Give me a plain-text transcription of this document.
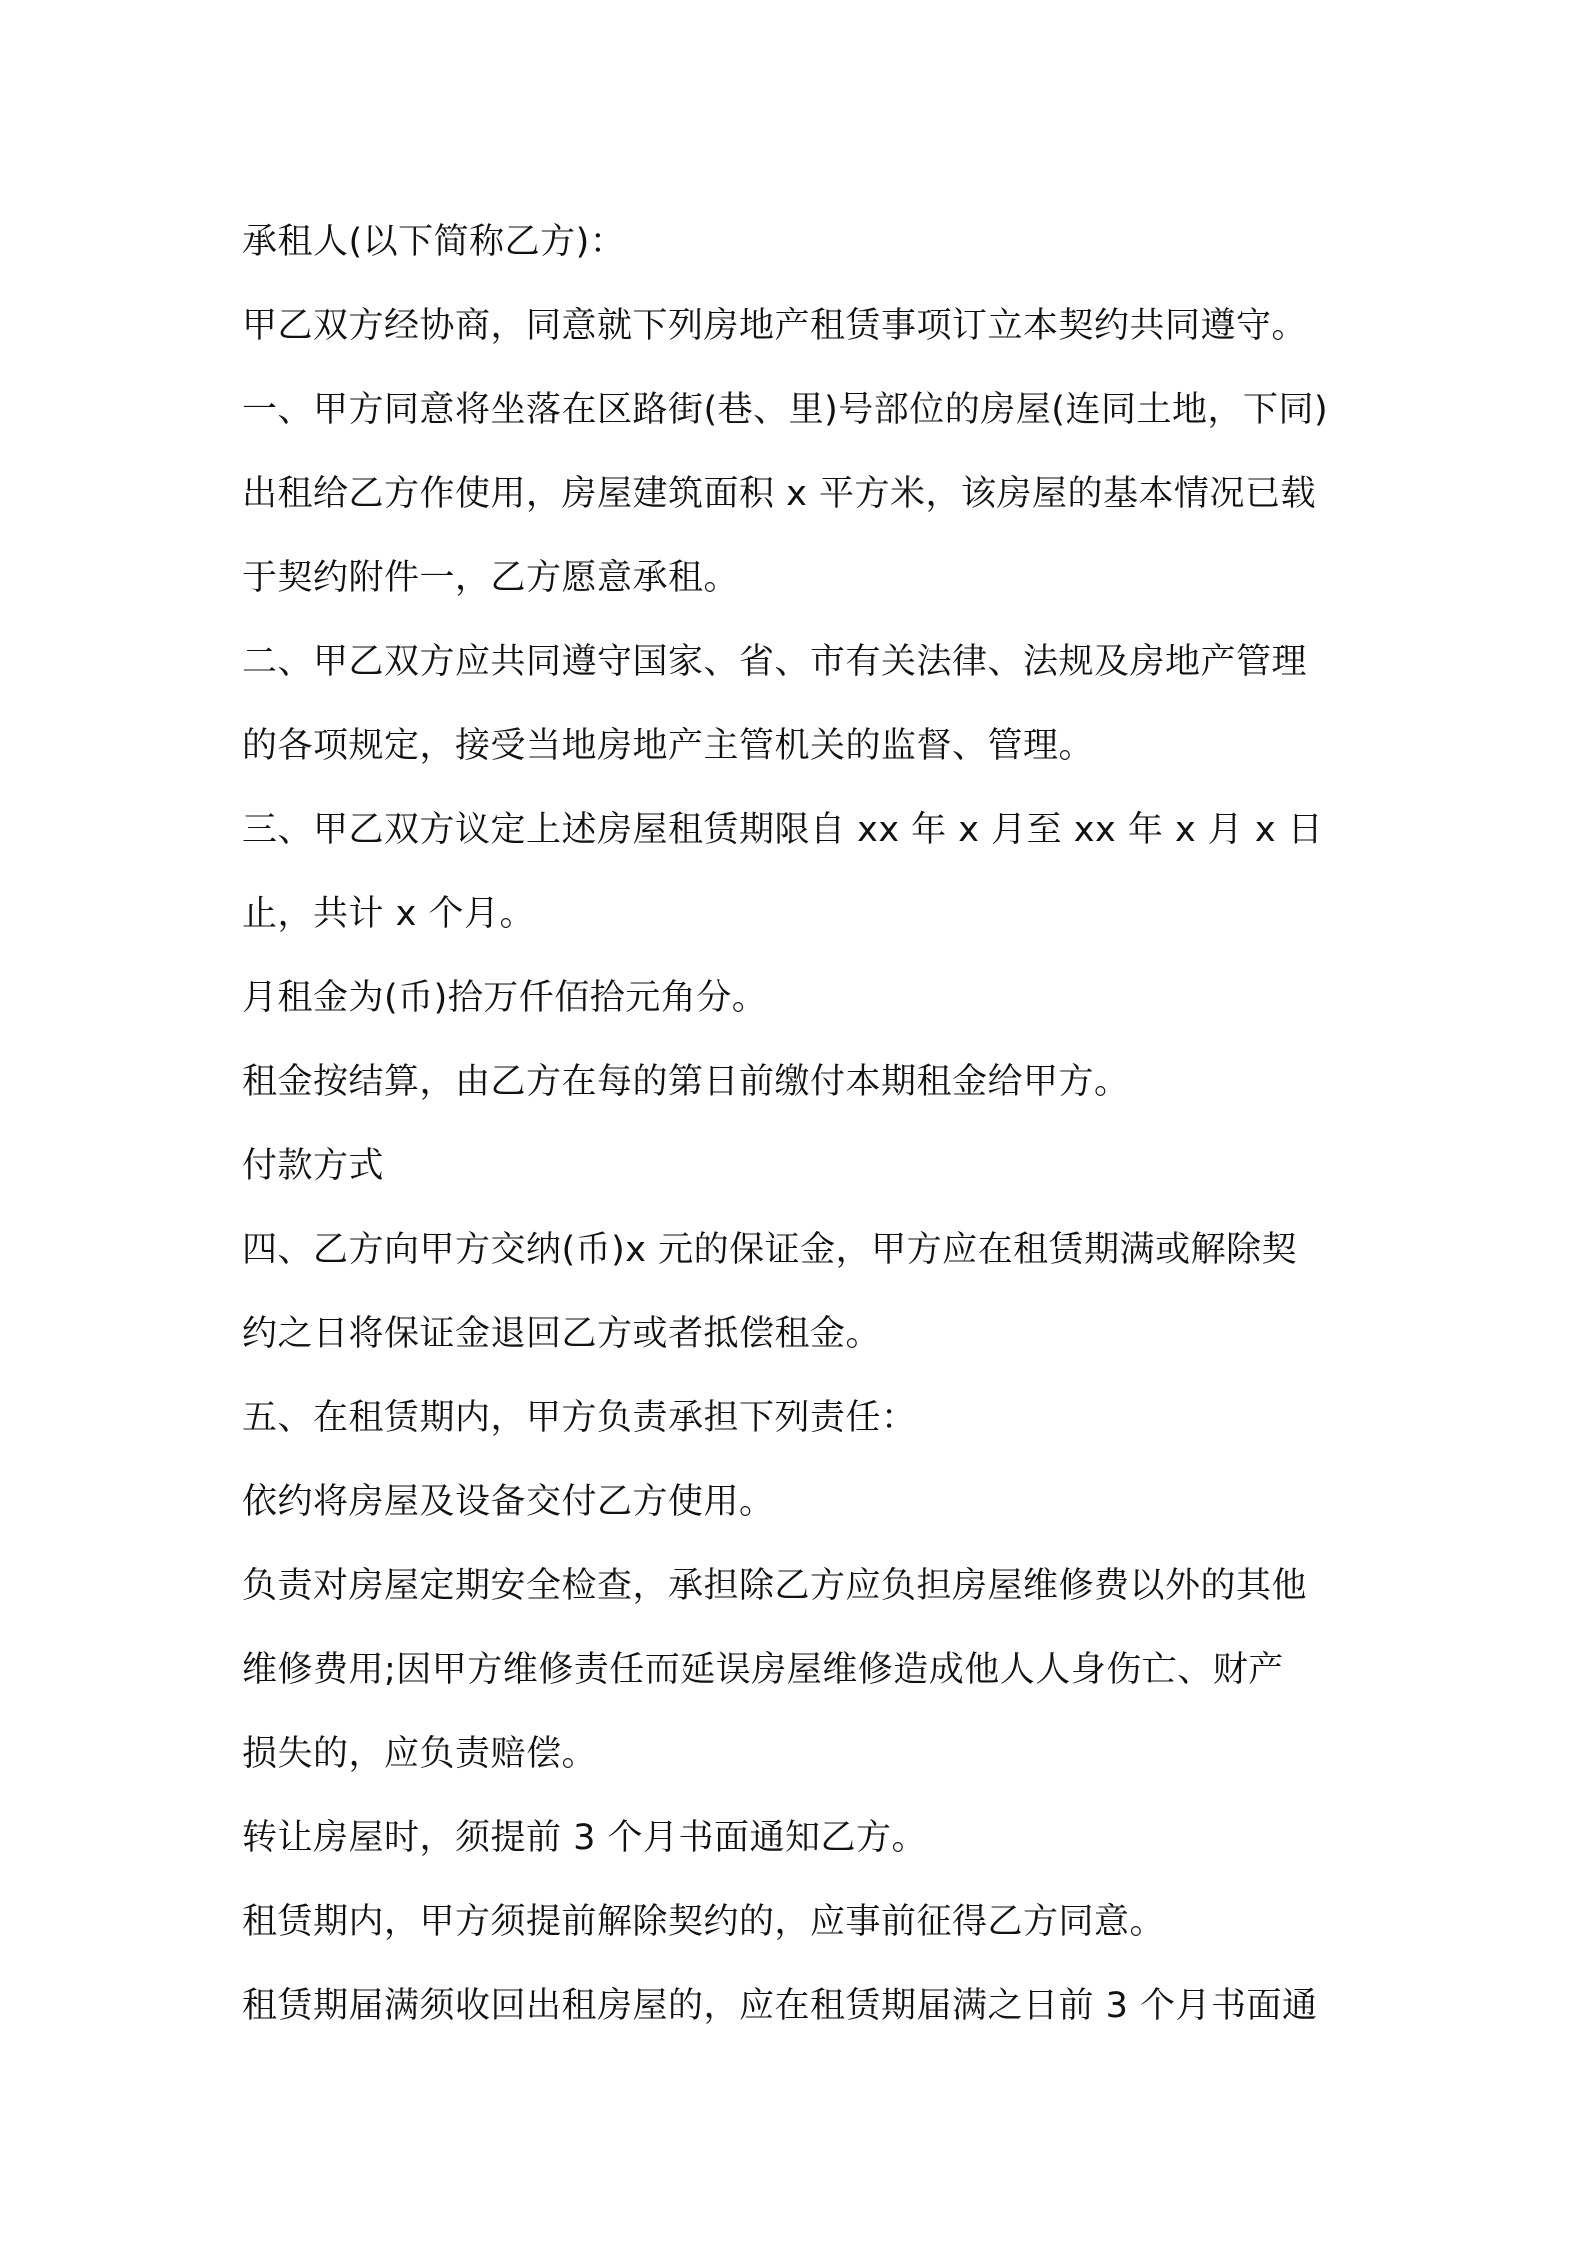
承租人(以下简称乙方)：
甲乙双方经协商，同意就下列房地产租赁事项订立本契约共同遵守。
一、甲方同意将坐落在区路街(巷、里)号部位的房屋(连同土地，下同)
出租给乙方作使用，房屋建筑面积 x 平方米，该房屋的基本情况已载
于契约附件一，乙方愿意承租。
二、甲乙双方应共同遵守国家、省、市有关法律、法规及房地产管理
的各项规定，接受当地房地产主管机关的监督、管理。
三、甲乙双方议定上述房屋租赁期限自 xx 年 x 月至 xx 年 x 月 x 日
止，共计 x 个月。
月租金为(币)拾万仟佰拾元角分。
租金按结算，由乙方在每的第日前缴付本期租金给甲方。
付款方式
四、乙方向甲方交纳(币)x 元的保证金，甲方应在租赁期满或解除契
约之日将保证金退回乙方或者抵偿租金。
五、在租赁期内，甲方负责承担下列责任：
依约将房屋及设备交付乙方使用。
负责对房屋定期安全检查，承担除乙方应负担房屋维修费以外的其他
维修费用;因甲方维修责任而延误房屋维修造成他人人身伤亡、财产
损失的，应负责赔偿。
转让房屋时，须提前 3 个月书面通知乙方。
租赁期内，甲方须提前解除契约的，应事前征得乙方同意。
租赁期届满须收回出租房屋的，应在租赁期届满之日前 3 个月书面通
